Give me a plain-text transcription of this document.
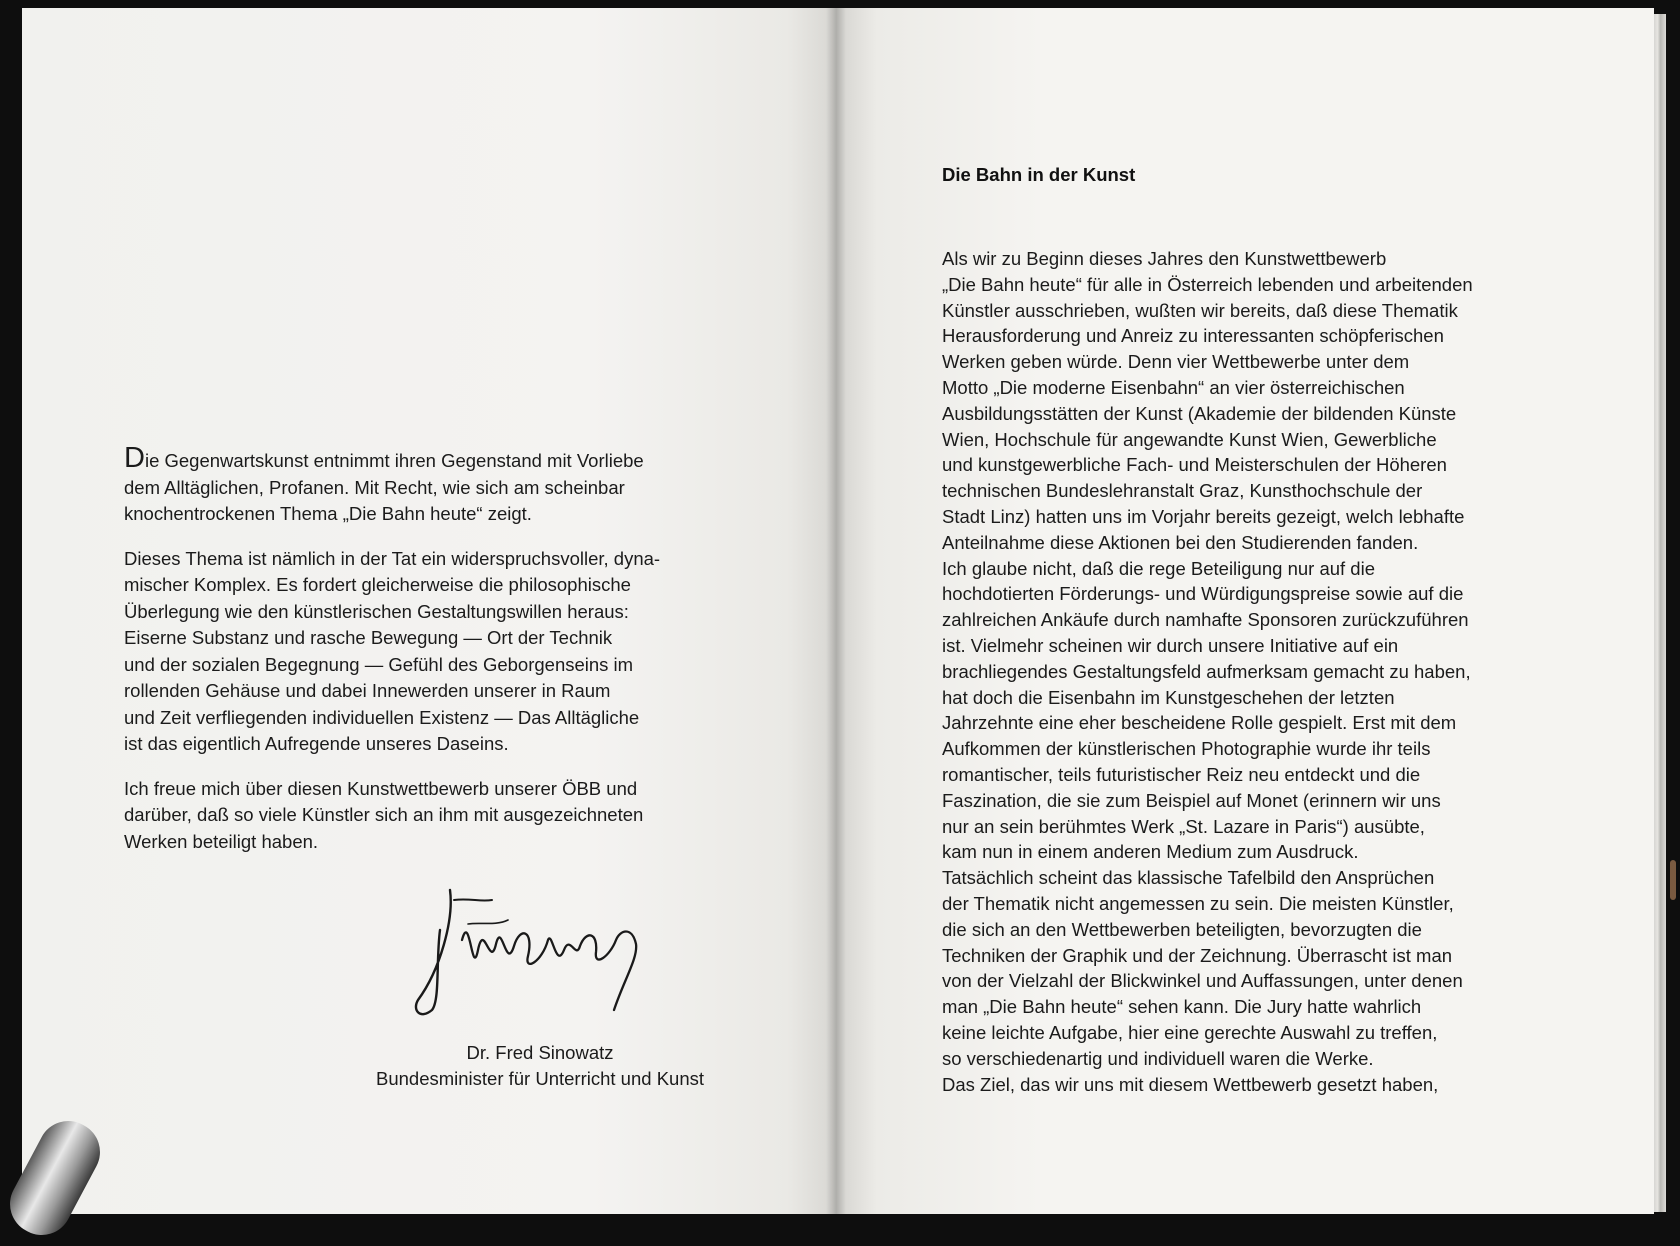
Die Gegenwartskunst entnimmt ihren Gegenstand mit Vorliebe
dem Alltäglichen, Profanen. Mit Recht, wie sich am scheinbar
knochentrockenen Thema „Die Bahn heute“ zeigt.

Dieses Thema ist nämlich in der Tat ein widerspruchsvoller, dyna-
mischer Komplex. Es fordert gleicherweise die philosophische
Überlegung wie den künstlerischen Gestaltungswillen heraus:
Eiserne Substanz und rasche Bewegung — Ort der Technik
und der sozialen Begegnung — Gefühl des Geborgenseins im
rollenden Gehäuse und dabei Innewerden unserer in Raum
und Zeit verfliegenden individuellen Existenz — Das Alltägliche
ist das eigentlich Aufregende unseres Daseins.

Ich freue mich über diesen Kunstwettbewerb unserer ÖBB und
darüber, daß so viele Künstler sich an ihm mit ausgezeichneten
Werken beteiligt haben.

Dr. Fred Sinowatz
Bundesminister für Unterricht und Kunst
Die Bahn in der Kunst
Als wir zu Beginn dieses Jahres den Kunstwettbewerb
„Die Bahn heute“ für alle in Österreich lebenden und arbeitenden
Künstler ausschrieben, wußten wir bereits, daß diese Thematik
Herausforderung und Anreiz zu interessanten schöpferischen
Werken geben würde. Denn vier Wettbewerbe unter dem
Motto „Die moderne Eisenbahn“ an vier österreichischen
Ausbildungsstätten der Kunst (Akademie der bildenden Künste
Wien, Hochschule für angewandte Kunst Wien, Gewerbliche
und kunstgewerbliche Fach- und Meisterschulen der Höheren
technischen Bundeslehranstalt Graz, Kunsthochschule der
Stadt Linz) hatten uns im Vorjahr bereits gezeigt, welch lebhafte
Anteilnahme diese Aktionen bei den Studierenden fanden.
Ich glaube nicht, daß die rege Beteiligung nur auf die
hochdotierten Förderungs- und Würdigungspreise sowie auf die
zahlreichen Ankäufe durch namhafte Sponsoren zurückzuführen
ist. Vielmehr scheinen wir durch unsere Initiative auf ein
brachliegendes Gestaltungsfeld aufmerksam gemacht zu haben,
hat doch die Eisenbahn im Kunstgeschehen der letzten
Jahrzehnte eine eher bescheidene Rolle gespielt. Erst mit dem
Aufkommen der künstlerischen Photographie wurde ihr teils
romantischer, teils futuristischer Reiz neu entdeckt und die
Faszination, die sie zum Beispiel auf Monet (erinnern wir uns
nur an sein berühmtes Werk „St. Lazare in Paris“) ausübte,
kam nun in einem anderen Medium zum Ausdruck.
Tatsächlich scheint das klassische Tafelbild den Ansprüchen
der Thematik nicht angemessen zu sein. Die meisten Künstler,
die sich an den Wettbewerben beteiligten, bevorzugten die
Techniken der Graphik und der Zeichnung. Überrascht ist man
von der Vielzahl der Blickwinkel und Auffassungen, unter denen
man „Die Bahn heute“ sehen kann. Die Jury hatte wahrlich
keine leichte Aufgabe, hier eine gerechte Auswahl zu treffen,
so verschiedenartig und individuell waren die Werke.
Das Ziel, das wir uns mit diesem Wettbewerb gesetzt haben,
